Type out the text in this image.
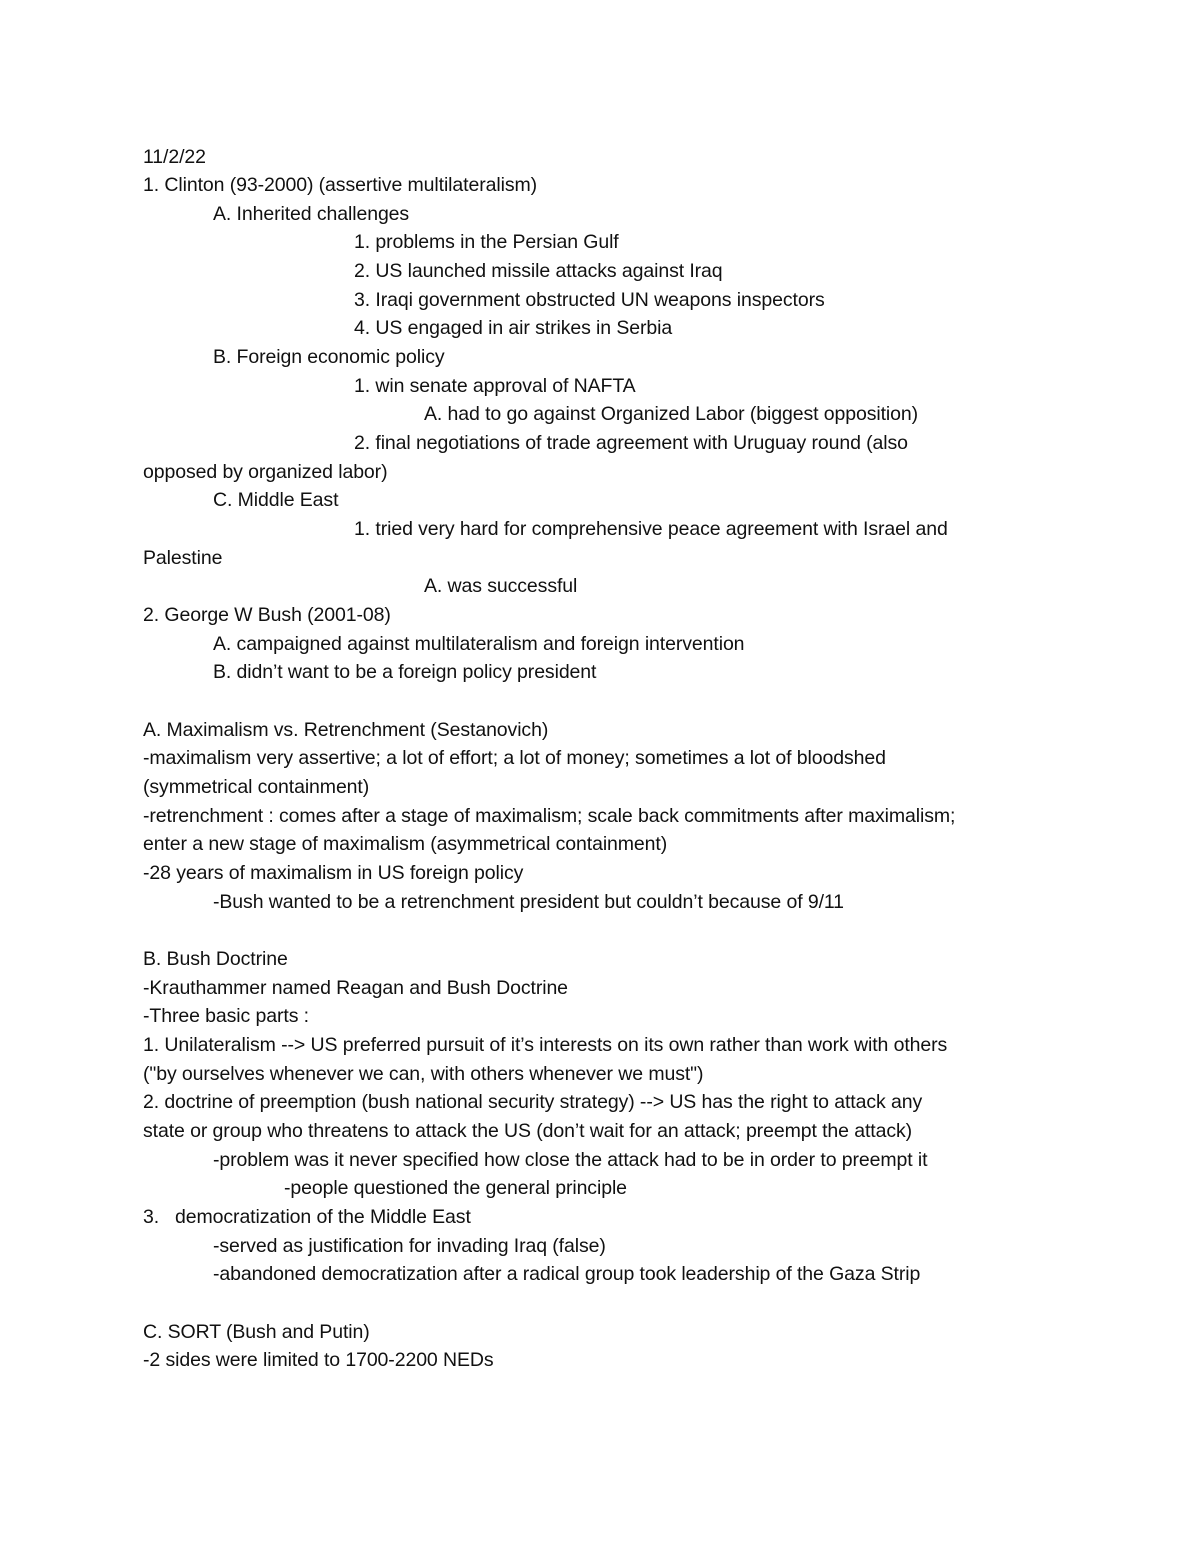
11/2/22
1. Clinton (93-2000) (assertive multilateralism)
A. Inherited challenges
1. problems in the Persian Gulf
2. US launched missile attacks against Iraq
3. Iraqi government obstructed UN weapons inspectors
4. US engaged in air strikes in Serbia
B. Foreign economic policy
1. win senate approval of NAFTA
A. had to go against Organized Labor (biggest opposition)
2. final negotiations of trade agreement with Uruguay round (also
opposed by organized labor)
C. Middle East
1. tried very hard for comprehensive peace agreement with Israel and
Palestine
A. was successful
2. George W Bush (2001-08)
A. campaigned against multilateralism and foreign intervention
B. didn’t want to be a foreign policy president
A. Maximalism vs. Retrenchment (Sestanovich)
-maximalism very assertive; a lot of effort; a lot of money; sometimes a lot of bloodshed
(symmetrical containment)
-retrenchment : comes after a stage of maximalism; scale back commitments after maximalism;
enter a new stage of maximalism (asymmetrical containment)
-28 years of maximalism in US foreign policy
-Bush wanted to be a retrenchment president but couldn’t because of 9/11
B. Bush Doctrine
-Krauthammer named Reagan and Bush Doctrine
-Three basic parts :
1. Unilateralism --> US preferred pursuit of it’s interests on its own rather than work with others
("by ourselves whenever we can, with others whenever we must")
2. doctrine of preemption (bush national security strategy) --> US has the right to attack any
state or group who threatens to attack the US (don’t wait for an attack; preempt the attack)
-problem was it never specified how close the attack had to be in order to preempt it
-people questioned the general principle
3.   democratization of the Middle East
-served as justification for invading Iraq (false)
-abandoned democratization after a radical group took leadership of the Gaza Strip
C. SORT (Bush and Putin)
-2 sides were limited to 1700-2200 NEDs
